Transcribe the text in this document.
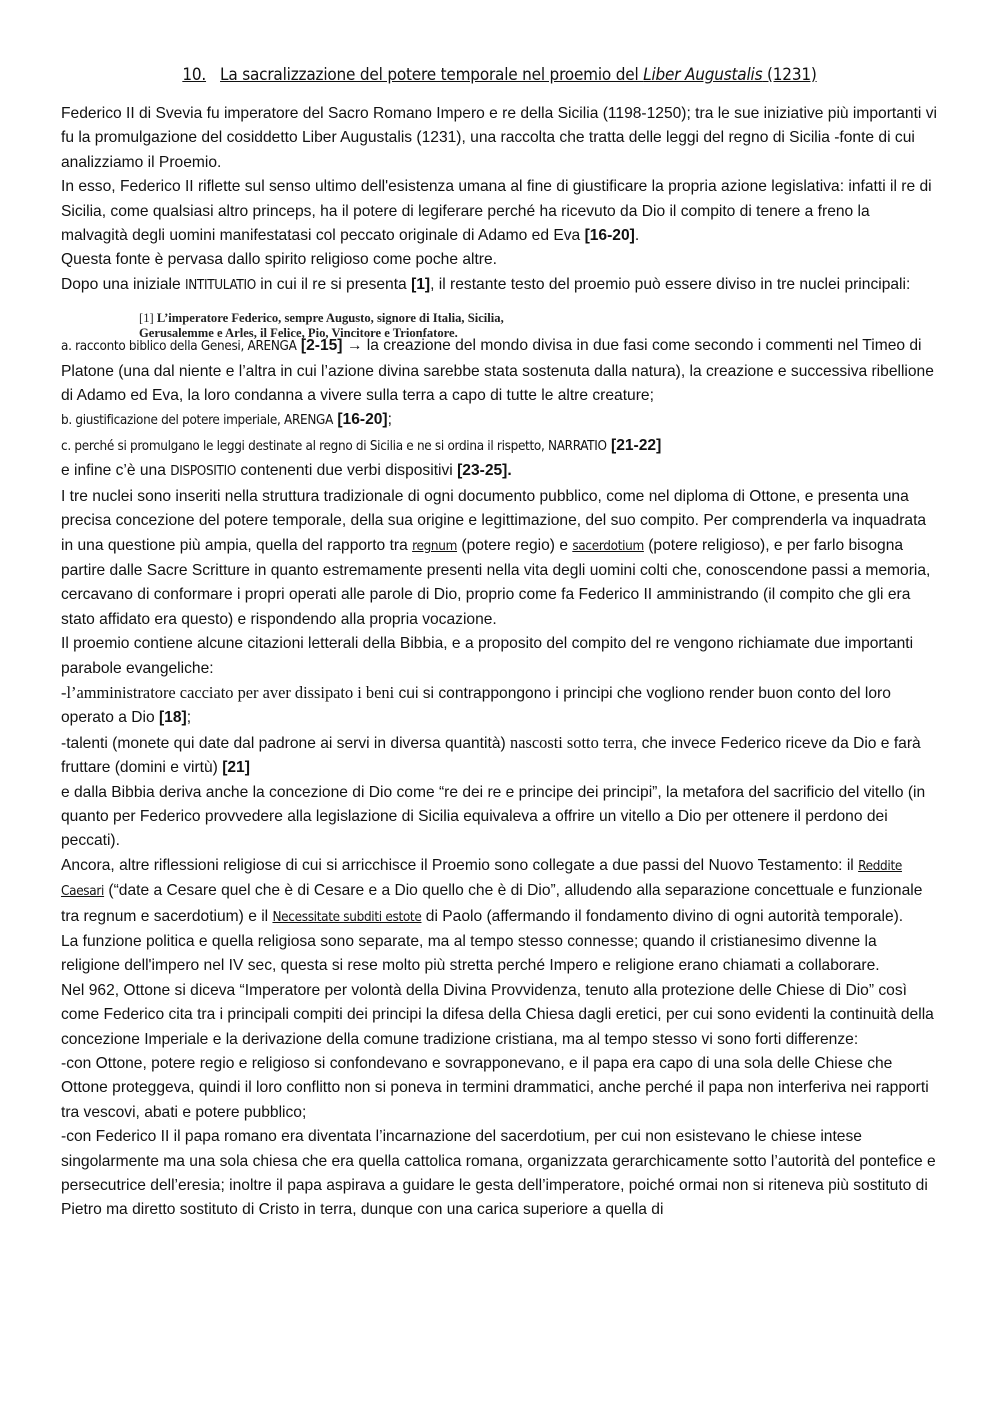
10. La sacralizzazione del potere temporale nel proemio del Liber Augustalis (1231)

Federico II di Svevia fu imperatore del Sacro Romano Impero e re della Sicilia (1198-1250); tra le sue iniziative più importanti vi fu la promulgazione del cosiddetto Liber Augustalis (1231), una raccolta che tratta delle leggi del regno di Sicilia -fonte di cui analizziamo il Proemio.

In esso, Federico II riflette sul senso ultimo dell'esistenza umana al fine di giustificare la propria azione legislativa: infatti il re di Sicilia, come qualsiasi altro princeps, ha il potere di legiferare perché ha ricevuto da Dio il compito di tenere a freno la malvagità degli uomini manifestatasi col peccato originale di Adamo ed Eva [16-20].

Questa fonte è pervasa dallo spirito religioso come poche altre.

Dopo una iniziale INTITULATIO in cui il re si presenta [1], il restante testo del proemio può essere diviso in tre nuclei principali:

[1] L’imperatore Federico, sempre Augusto, signore di Italia, Sicilia, Gerusalemme e Arles, il Felice, Pio, Vincitore e Trionfatore.

a. racconto biblico della Genesi, ARENGA [2-15] → la creazione del mondo divisa in due fasi come secondo i commenti nel Timeo di Platone (una dal niente e l’altra in cui l’azione divina sarebbe stata sostenuta dalla natura), la creazione e successiva ribellione di Adamo ed Eva, la loro condanna a vivere sulla terra a capo di tutte le altre creature;

b. giustificazione del potere imperiale, ARENGA [16-20];

c. perché si promulgano le leggi destinate al regno di Sicilia e ne si ordina il rispetto, NARRATIO [21-22]

e infine c’è una DISPOSITIO contenenti due verbi dispositivi [23-25].

I tre nuclei sono inseriti nella struttura tradizionale di ogni documento pubblico, come nel diploma di Ottone, e presenta una precisa concezione del potere temporale, della sua origine e legittimazione, del suo compito. Per comprenderla va inquadrata in una questione più ampia, quella del rapporto tra regnum (potere regio) e sacerdotium (potere religioso), e per farlo bisogna partire dalle Sacre Scritture in quanto estremamente presenti nella vita degli uomini colti che, conoscendone passi a memoria, cercavano di conformare i propri operati alle parole di Dio, proprio come fa Federico II amministrando (il compito che gli era stato affidato era questo) e rispondendo alla propria vocazione.

Il proemio contiene alcune citazioni letterali della Bibbia, e a proposito del compito del re vengono richiamate due importanti parabole evangeliche:

-l’amministratore cacciato per aver dissipato i beni cui si contrappongono i principi che vogliono render buon conto del loro operato a Dio [18];

-talenti (monete qui date dal padrone ai servi in diversa quantità) nascosti sotto terra, che invece Federico riceve da Dio e farà fruttare (domini e virtù) [21]

e dalla Bibbia deriva anche la concezione di Dio come “re dei re e principe dei principi”, la metafora del sacrificio del vitello (in quanto per Federico provvedere alla legislazione di Sicilia equivaleva a offrire un vitello a Dio per ottenere il perdono dei peccati).

Ancora, altre riflessioni religiose di cui si arricchisce il Proemio sono collegate a due passi del Nuovo Testamento: il Reddite Caesari (“date a Cesare quel che è di Cesare e a Dio quello che è di Dio”, alludendo alla separazione concettuale e funzionale tra regnum e sacerdotium) e il Necessitate subditi estote di Paolo (affermando il fondamento divino di ogni autorità temporale).

La funzione politica e quella religiosa sono separate, ma al tempo stesso connesse; quando il cristianesimo divenne la religione dell'impero nel IV sec, questa si rese molto più stretta perché Impero e religione erano chiamati a collaborare.

Nel 962, Ottone si diceva “Imperatore per volontà della Divina Provvidenza, tenuto alla protezione delle Chiese di Dio” così come Federico cita tra i principali compiti dei principi la difesa della Chiesa dagli eretici, per cui sono evidenti la continuità della concezione Imperiale e la derivazione della comune tradizione cristiana, ma al tempo stesso vi sono forti differenze:

-con Ottone, potere regio e religioso si confondevano e sovrapponevano, e il papa era capo di una sola delle Chiese che Ottone proteggeva, quindi il loro conflitto non si poneva in termini drammatici, anche perché il papa non interferiva nei rapporti tra vescovi, abati e potere pubblico;

-con Federico II il papa romano era diventata l’incarnazione del sacerdotium, per cui non esistevano le chiese intese singolarmente ma una sola chiesa che era quella cattolica romana, organizzata gerarchicamente sotto l’autorità del pontefice e persecutrice dell’eresia; inoltre il papa aspirava a guidare le gesta dell’imperatore, poiché ormai non si riteneva più sostituto di Pietro ma diretto sostituto di Cristo in terra, dunque con una carica superiore a quella di
